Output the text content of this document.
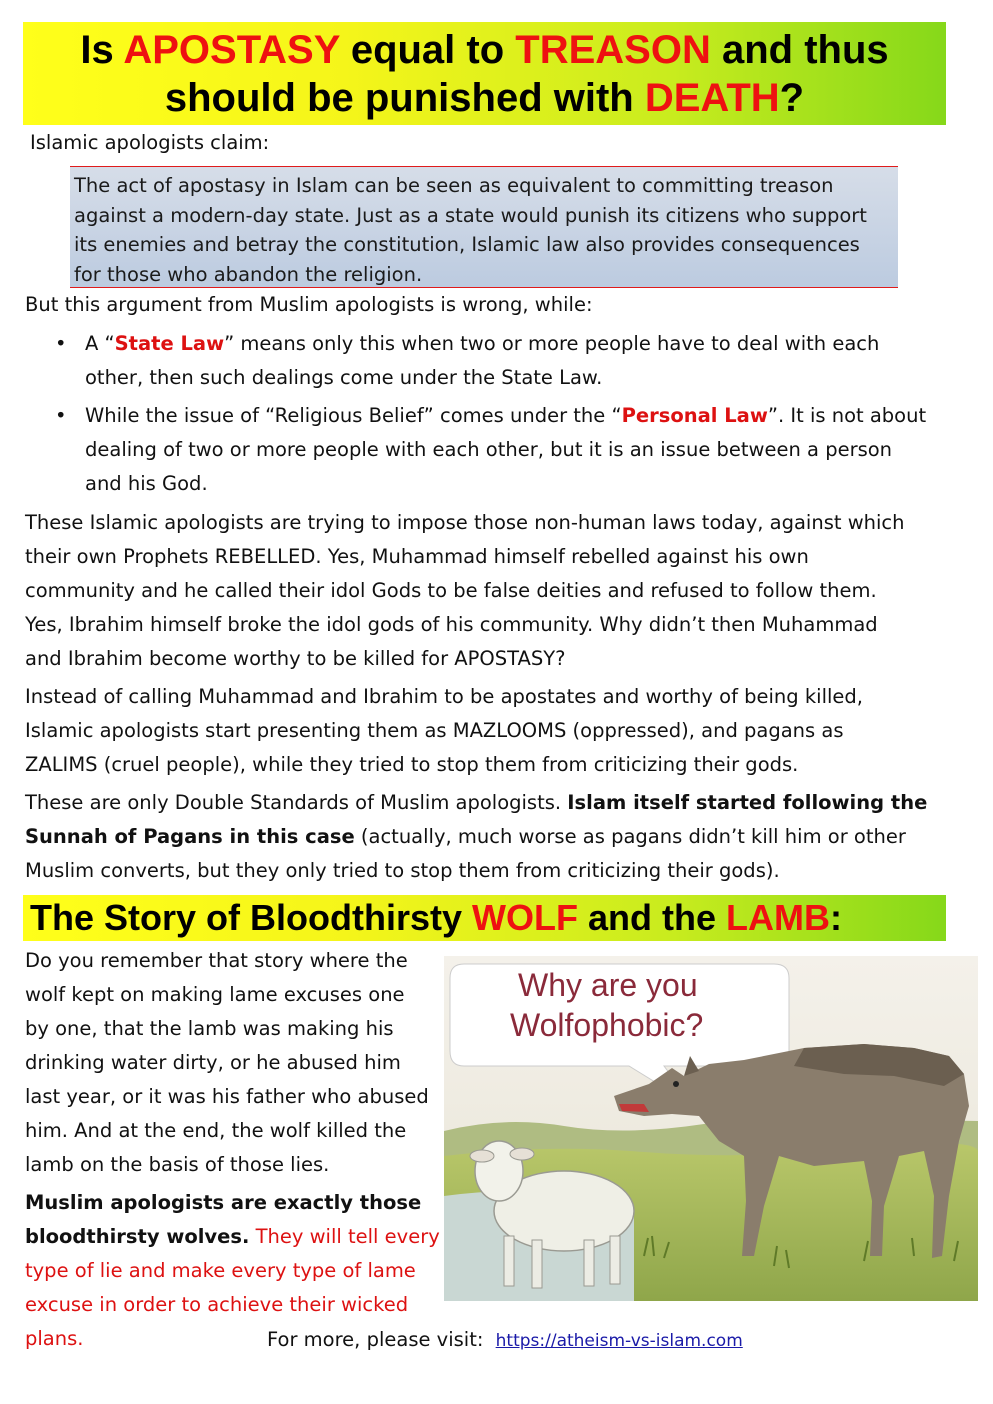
Is APOSTASY equal to TREASON and thus
should be punished with DEATH?
Islamic apologists claim:
The act of apostasy in Islam can be seen as equivalent to committing treason
against a modern-day state. Just as a state would punish its citizens who support
its enemies and betray the constitution, Islamic law also provides consequences
for those who abandon the religion.
But this argument from Muslim apologists is wrong, while:
• A “State Law” means only this when two or more people have to deal with each
other, then such dealings come under the State Law.
• While the issue of “Religious Belief” comes under the “Personal Law”. It is not about
dealing of two or more people with each other, but it is an issue between a person
and his God.
These Islamic apologists are trying to impose those non-human laws today, against which
their own Prophets REBELLED. Yes, Muhammad himself rebelled against his own
community and he called their idol Gods to be false deities and refused to follow them.
Yes, Ibrahim himself broke the idol gods of his community. Why didn’t then Muhammad
and Ibrahim become worthy to be killed for APOSTASY?
Instead of calling Muhammad and Ibrahim to be apostates and worthy of being killed,
Islamic apologists start presenting them as MAZLOOMS (oppressed), and pagans as
ZALIMS (cruel people), while they tried to stop them from criticizing their gods.
These are only Double Standards of Muslim apologists. Islam itself started following the
Sunnah of Pagans in this case (actually, much worse as pagans didn’t kill him or other
Muslim converts, but they only tried to stop them from criticizing their gods).
The Story of Bloodthirsty WOLF and the LAMB:
Do you remember that story where the
wolf kept on making lame excuses one
by one, that the lamb was making his
drinking water dirty, or he abused him
last year, or it was his father who abused
him. And at the end, the wolf killed the
lamb on the basis of those lies.
Muslim apologists are exactly those
bloodthirsty wolves. They will tell every
type of lie and make every type of lame
excuse in order to achieve their wicked
plans.
Why are you
Wolfophobic?
For more, please visit: https://atheism-vs-islam.com
